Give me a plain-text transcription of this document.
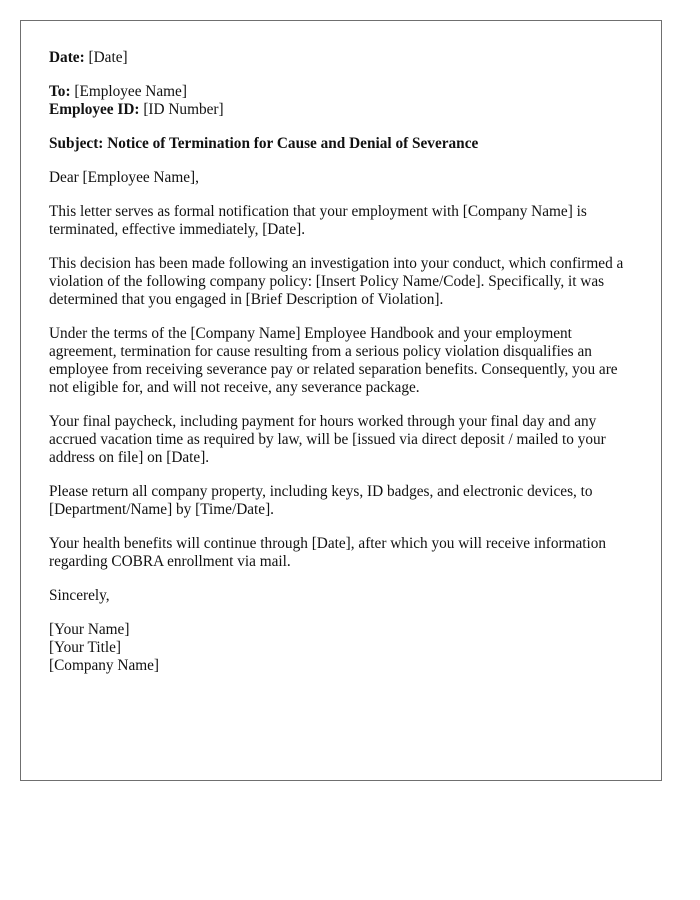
Date: [Date]

To: [Employee Name]

Employee ID: [ID Number]

Subject: Notice of Termination for Cause and Denial of Severance

Dear [Employee Name],

This letter serves as formal notification that your employment with [Company Name] is terminated, effective immediately, [Date].

This decision has been made following an investigation into your conduct, which confirmed a violation of the following company policy: [Insert Policy Name/Code]. Specifically, it was determined that you engaged in [Brief Description of Violation].

Under the terms of the [Company Name] Employee Handbook and your employment agreement, termination for cause resulting from a serious policy violation disqualifies an employee from receiving severance pay or related separation benefits. Consequently, you are not eligible for, and will not receive, any severance package.

Your final paycheck, including payment for hours worked through your final day and any accrued vacation time as required by law, will be [issued via direct deposit / mailed to your address on file] on [Date].

Please return all company property, including keys, ID badges, and electronic devices, to [Department/Name] by [Time/Date].

Your health benefits will continue through [Date], after which you will receive information regarding COBRA enrollment via mail.

Sincerely,

[Your Name]

[Your Title]

[Company Name]
